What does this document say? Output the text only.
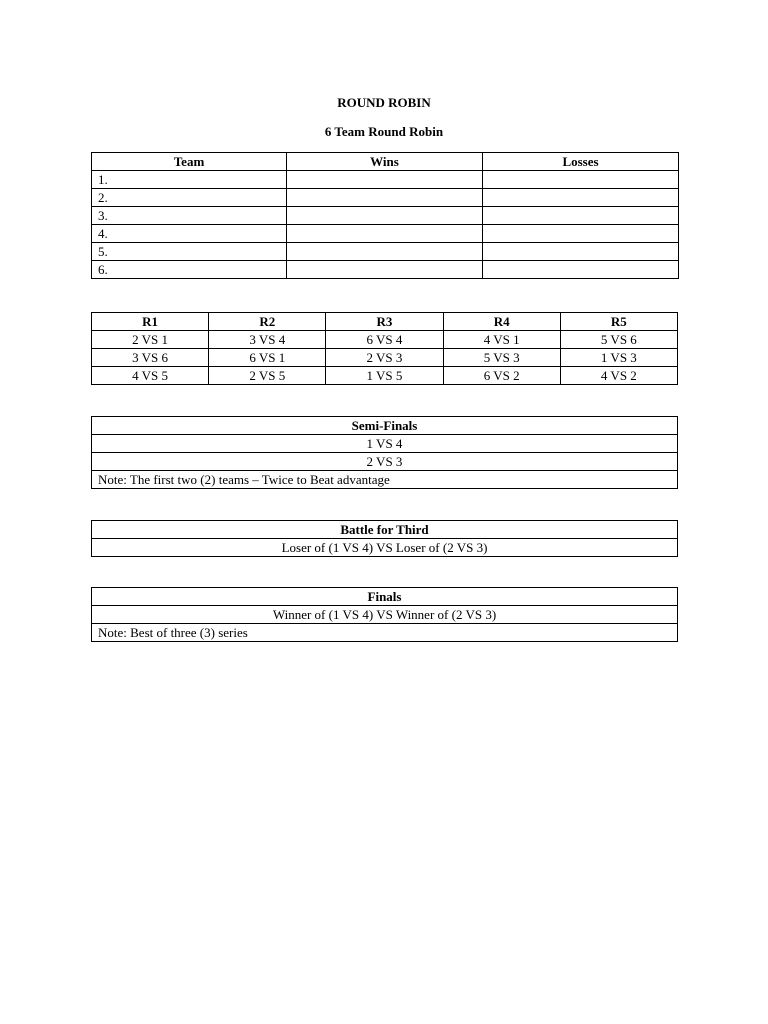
ROUND ROBIN
6 Team Round Robin
Team	Wins	Losses
1.		
2.		
3.		
4.		
5.		
6.		
R1	R2	R3	R4	R5
2 VS 1	3 VS 4	6 VS 4	4 VS 1	5 VS 6
3 VS 6	6 VS 1	2 VS 3	5 VS 3	1 VS 3
4 VS 5	2 VS 5	1 VS 5	6 VS 2	4 VS 2
Semi-Finals
1 VS 4
2 VS 3
Note: The first two (2) teams – Twice to Beat advantage
Battle for Third
Loser of (1 VS 4) VS Loser of (2 VS 3)
Finals
Winner of (1 VS 4) VS Winner of (2 VS 3)
Note: Best of three (3) series
